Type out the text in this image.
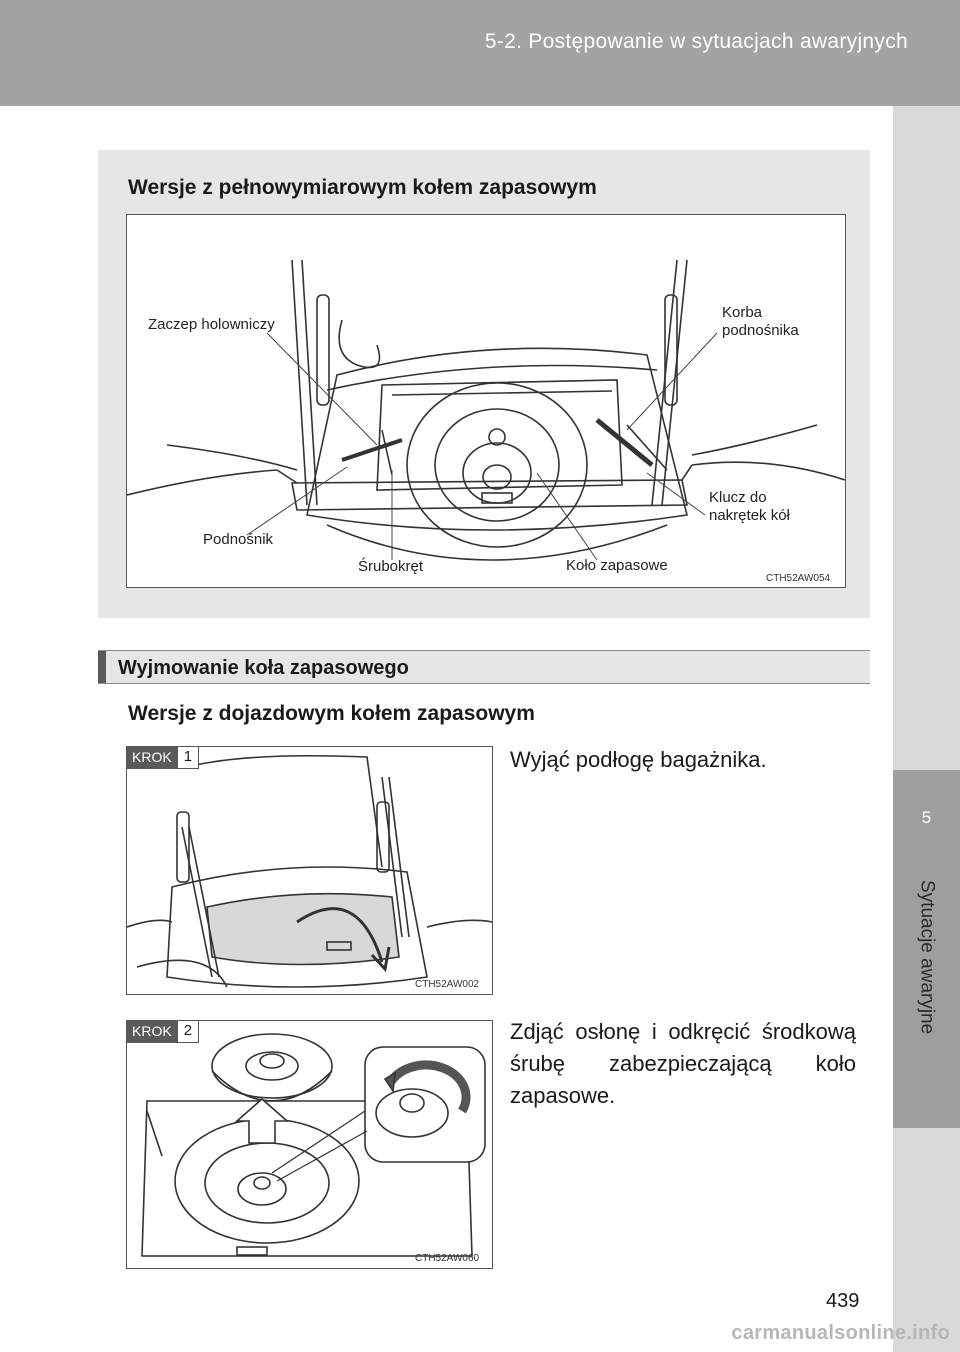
5-2. Postępowanie w sytuacjach awaryjnych
5
Sytuacje awaryjne
Wersje z pełnowymiarowym kołem zapasowym
Zaczep holowniczy
Korba podnośnika
Klucz do nakrętek kół
Podnośnik
Śrubokręt	Koło zapasowe
CTH52AW054
Wyjmowanie koła zapasowego
Wersje z dojazdowym kołem zapasowym
KROK 1
CTH52AW002
Wyjąć podłogę bagażnika.
KROK 2
CTH52AW060
Zdjąć osłonę i odkręcić środkową śrubę zabezpieczającą koło zapasowe.
439
carmanualsonline.info
